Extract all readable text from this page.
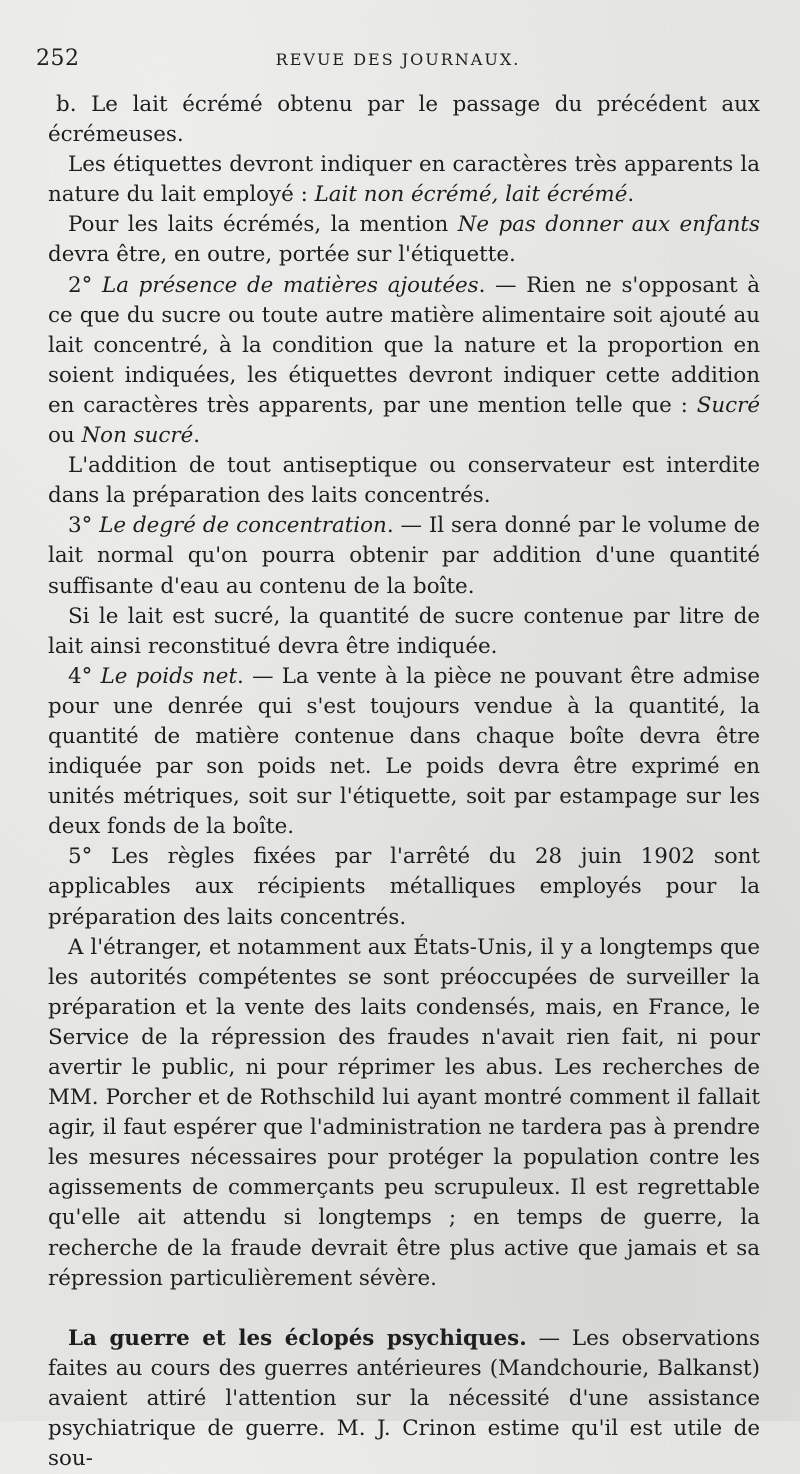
252	REVUE DES JOURNAUX.

b. Le lait écrémé obtenu par le passage du précédent aux écrémeuses.

Les étiquettes devront indiquer en caractères très apparents la nature du lait employé : Lait non écrémé, lait écrémé.

Pour les laits écrémés, la mention Ne pas donner aux enfants devra être, en outre, portée sur l'étiquette.

2° La présence de matières ajoutées. — Rien ne s'opposant à ce que du sucre ou toute autre matière alimentaire soit ajouté au lait concentré, à la condition que la nature et la proportion en soient indiquées, les étiquettes devront indiquer cette addition en caractères très apparents, par une mention telle que : Sucré ou Non sucré.

L'addition de tout antiseptique ou conservateur est interdite dans la préparation des laits concentrés.

3° Le degré de concentration. — Il sera donné par le volume de lait normal qu'on pourra obtenir par addition d'une quantité suffisante d'eau au contenu de la boîte.

Si le lait est sucré, la quantité de sucre contenue par litre de lait ainsi reconstitué devra être indiquée.

4° Le poids net. — La vente à la pièce ne pouvant être admise pour une denrée qui s'est toujours vendue à la quantité, la quantité de matière contenue dans chaque boîte devra être indiquée par son poids net. Le poids devra être exprimé en unités métriques, soit sur l'étiquette, soit par estampage sur les deux fonds de la boîte.

5° Les règles fixées par l'arrêté du 28 juin 1902 sont applicables aux récipients métalliques employés pour la préparation des laits concentrés.

A l'étranger, et notamment aux États-Unis, il y a longtemps que les autorités compétentes se sont préoccupées de surveiller la préparation et la vente des laits condensés, mais, en France, le Service de la répression des fraudes n'avait rien fait, ni pour avertir le public, ni pour réprimer les abus. Les recherches de MM. Porcher et de Rothschild lui ayant montré comment il fallait agir, il faut espérer que l'administration ne tardera pas à prendre les mesures nécessaires pour protéger la population contre les agissements de commerçants peu scrupuleux. Il est regrettable qu'elle ait attendu si longtemps ; en temps de guerre, la recherche de la fraude devrait être plus active que jamais et sa répression particulièrement sévère.

La guerre et les éclopés psychiques. — Les observations faites au cours des guerres antérieures (Mandchourie, Balkanst) avaient attiré l'attention sur la nécessité d'une assistance psychiatrique de guerre. M. J. Crinon estime qu'il est utile de sou-
